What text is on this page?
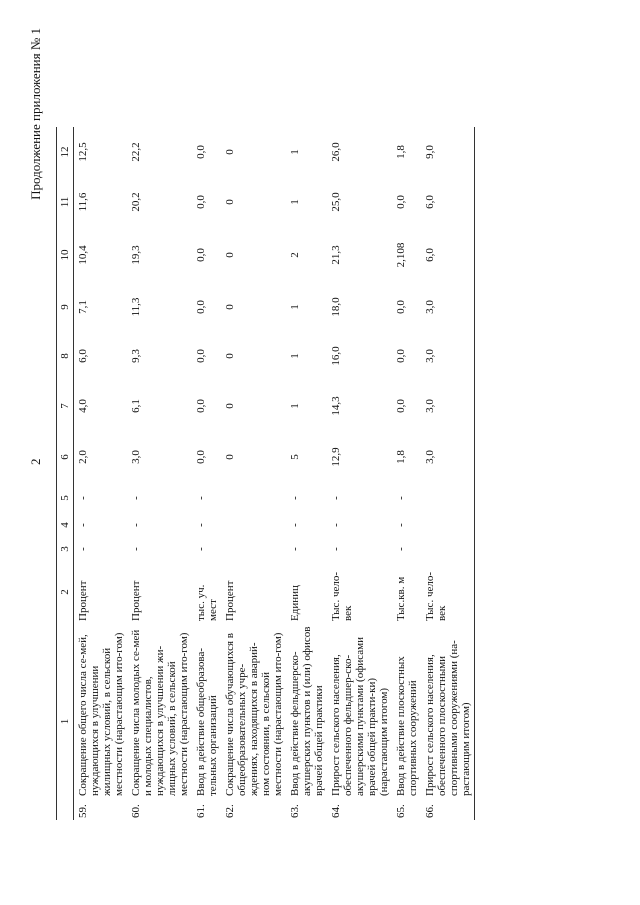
2
Продолжение приложения № 1
1		2	3	4	5	6	7	8	9	10	11	12
59.	Сокращение общего числа се-мей, нуждающихся в улучшении жилищных условий, в сельской местности (нарастающим ито-гом)	Процент	-	-	-	2,0	4,0	6,0	7,1	10,4	11,6	12,5
60.	Сокращение числа молодых се-мей и молодых специалистов, нуждающихся в улучшении жи-лищных условий, в сельской местности (нарастающим ито-гом)	Процент	-	-	-	3,0	6,1	9,3	11,3	19,3	20,2	22,2
61.	Ввод в действие общеобразова-тельных организаций	тыс. уч. мест	-	-	-	0,0	0,0	0,0	0,0	0,0	0,0	0,0
62.	Сокращение числа обучающихся в общеобразовательных учре-ждениях, находящихся в аварий-ном состоянии, в сельской местности (нарастающим ито-гом)	Процент				0	0	0	0	0	0	0
63.	Ввод в действие фельдшерско-акушерских пунктов и (или) офисов врачей общей практики	Единиц	-	-	-	5	1	1	1	2	1	1
64.	Прирост сельского населения, обеспеченного фельдшер-ско-акушерскими пунктами (офисами врачей общей практи-ки) (нарастающим итогом)	Тыс. чело-век	-	-	-	12,9	14,3	16,0	18,0	21,3	25,0	26,0
65.	Ввод в действие плоскостных спортивных сооружений	Тыс.кв. м	-	-	-	1,8	0,0	0,0	0,0	2,108	0,0	1,8
66.	Прирост сельского населения, обеспеченного плоскостными спортивными сооружениями (на-растающим итогом)	Тыс. чело-век				3,0	3,0	3,0	3,0	6,0	6,0	9,0
